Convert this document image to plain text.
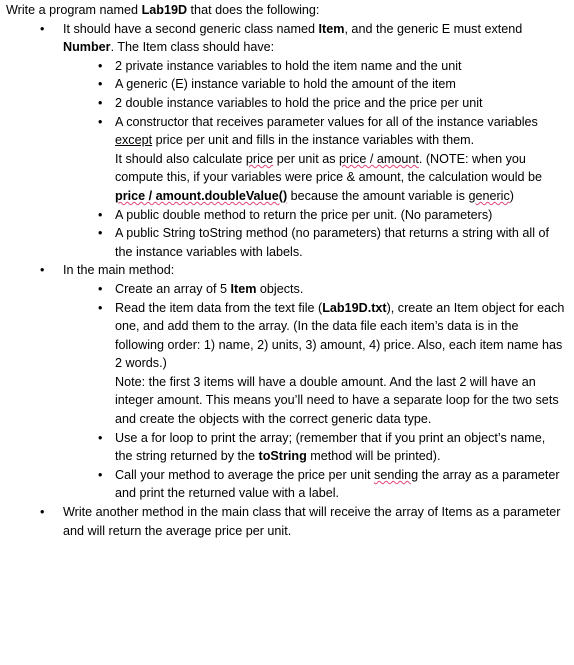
Write a program named Lab19D that does the following:

• It should have a second generic class named Item, and the generic E must extend Number. The Item class should have:
• 2 private instance variables to hold the item name and the unit
• A generic (E) instance variable to hold the amount of the item
• 2 double instance variables to hold the price and the price per unit
• A constructor that receives parameter values for all of the instance variables except price per unit and fills in the instance variables with them.

It should also calculate price per unit as price / amount. (NOTE: when you compute this, if your variables were price & amount, the calculation would be

price / amount.doubleValue() because the amount variable is generic)

• A public double method to return the price per unit. (No parameters)
• A public String toString method (no parameters) that returns a string with all of the instance variables with labels.
• In the main method:
• Create an array of 5 Item objects.
• Read the item data from the text file (Lab19D.txt), create an Item object for each one, and add them to the array. (In the data file each item’s data is in the following order: 1) name, 2) units, 3) amount, 4) price. Also, each item name has 2 words.)

Note: the first 3 items will have a double amount. And the last 2 will have an integer amount. This means you’ll need to have a separate loop for the two sets and create the objects with the correct generic data type.

• Use a for loop to print the array; (remember that if you print an object’s name, the string returned by the toString method will be printed).
• Call your method to average the price per unit sending the array as a parameter and print the returned value with a label.
• Write another method in the main class that will receive the array of Items as a parameter and will return the average price per unit.
